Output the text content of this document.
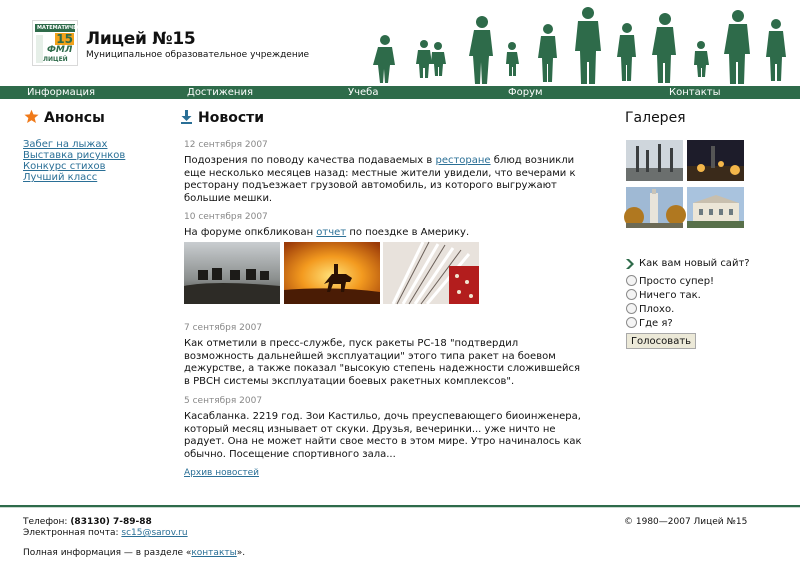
МАТЕМАТИЧЕСКИЙ
15
ФМЛ
ЛИЦЕЙ
Лицей №15
Муниципальное образовательное учреждение
Информация	Достижения	Учеба	Форум	Контакты
Анонсы
Забег на лыжах
Выставка рисунков
Конкурс стихов
Лучший класс
Новости
12 сентября 2007
Подозрения по поводу качества подаваемых в ресторане блюд возникли еще несколько месяцев назад: местные жители увидели, что вечерами к ресторану подъезжает грузовой автомобиль, из которого выгружают большие мешки.
10 сентября 2007
На форуме опкбликован отчет по поездке в Америку.
7 сентября 2007
Как отметили в пресс-службе, пуск ракеты РС-18 "подтвердил возможность дальнейшей эксплуатации" этого типа ракет на боевом дежурстве, а также показал "высокую степень надежности сложившейся в РВСН системы эксплуатации боевых ракетных комплексов".
5 сентября 2007
Касабланка. 2219 год. Зои Кастильо, дочь преуспевающего биоинженера, который месяц изнывает от скуки. Друзья, вечеринки... уже ничто не радует. Она не может найти свое место в этом мире. Утро начиналось как обычно. Посещение спортивного зала...
Архив новостей
Галерея
Как вам новый сайт?
Просто супер!
Ничего так.
Плохо.
Где я?
Голосовать
Телефон: (83130) 7-89-88
Электронная почта: sc15@sarov.ru
Полная информация — в разделе «контакты».
© 1980—2007 Лицей №15
